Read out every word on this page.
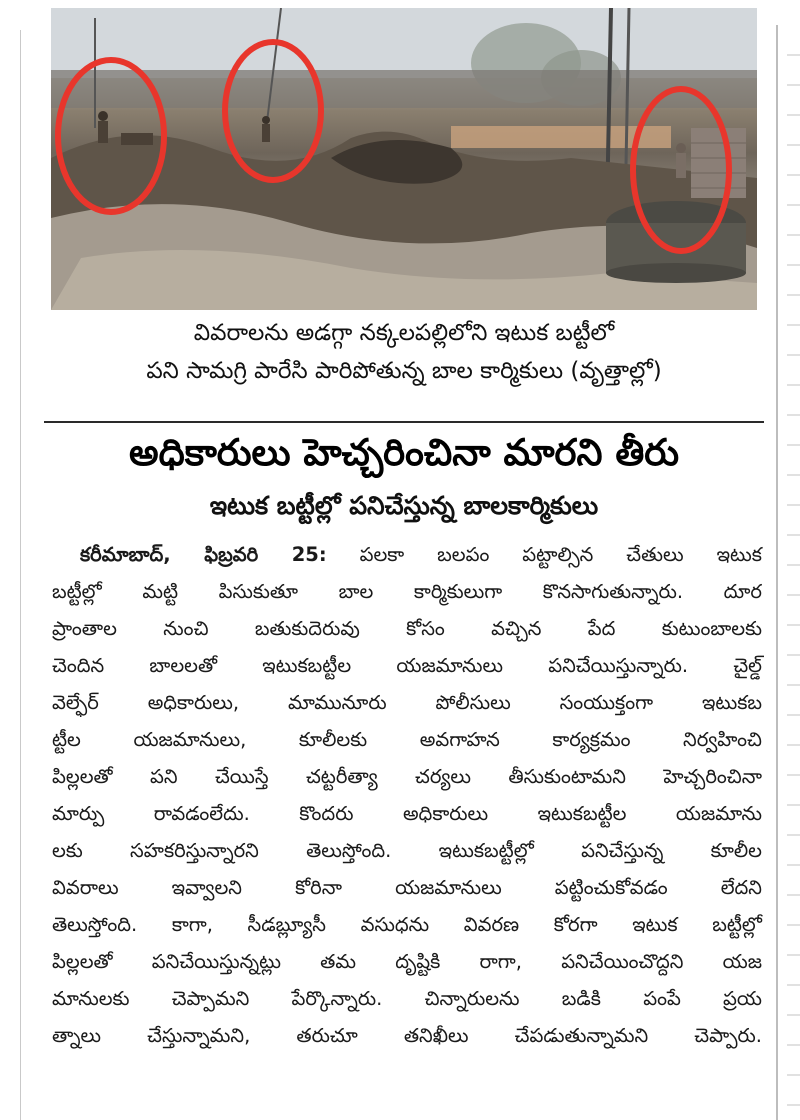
వివరాలను అడగ్గా నక్కలపల్లిలోని ఇటుక బట్టీలో
పని సామగ్రి పారేసి పారిపోతున్న బాల కార్మికులు (వృత్తాల్లో)
అధికారులు హెచ్చరించినా మారని తీరు
ఇటుక బట్టీల్లో పనిచేస్తున్న బాలకార్మికులు
కరీమాబాద్, ఫిబ్రవరి 25: పలకా బలపం పట్టాల్సిన చేతులు ఇటుక
బట్టీల్లో మట్టి పిసుకుతూ బాల కార్మికులుగా కొనసాగుతున్నారు. దూర
ప్రాంతాల నుంచి బతుకుదెరువు కోసం వచ్చిన పేద కుటుంబాలకు
చెందిన బాలలతో ఇటుకబట్టీల యజమానులు పనిచేయిస్తున్నారు. చైల్డ్
వెల్ఫేర్ అధికారులు, మామునూరు పోలీసులు సంయుక్తంగా ఇటుకబ
ట్టీల యజమానులు, కూలీలకు అవగాహన కార్యక్రమం నిర్వహించి
పిల్లలతో పని చేయిస్తే చట్టరీత్యా చర్యలు తీసుకుంటామని హెచ్చరించినా
మార్పు రావడంలేదు. కొందరు అధికారులు ఇటుకబట్టీల యజమాను
లకు సహకరిస్తున్నారని తెలుస్తోంది. ఇటుకబట్టీల్లో పనిచేస్తున్న కూలీల
వివరాలు ఇవ్వాలని కోరినా యజమానులు పట్టించుకోవడం లేదని
తెలుస్తోంది. కాగా, సీడబ్ల్యూసీ వసుధను వివరణ కోరగా ఇటుక బట్టీల్లో
పిల్లలతో పనిచేయిస్తున్నట్లు తమ దృష్టికి రాగా, పనిచేయించొద్దని యజ
మానులకు చెప్పామని పేర్కొన్నారు. చిన్నారులను బడికి పంపే ప్రయ
త్నాలు చేస్తున్నామని, తరుచూ తనిఖీలు చేపడుతున్నామని చెప్పారు.
